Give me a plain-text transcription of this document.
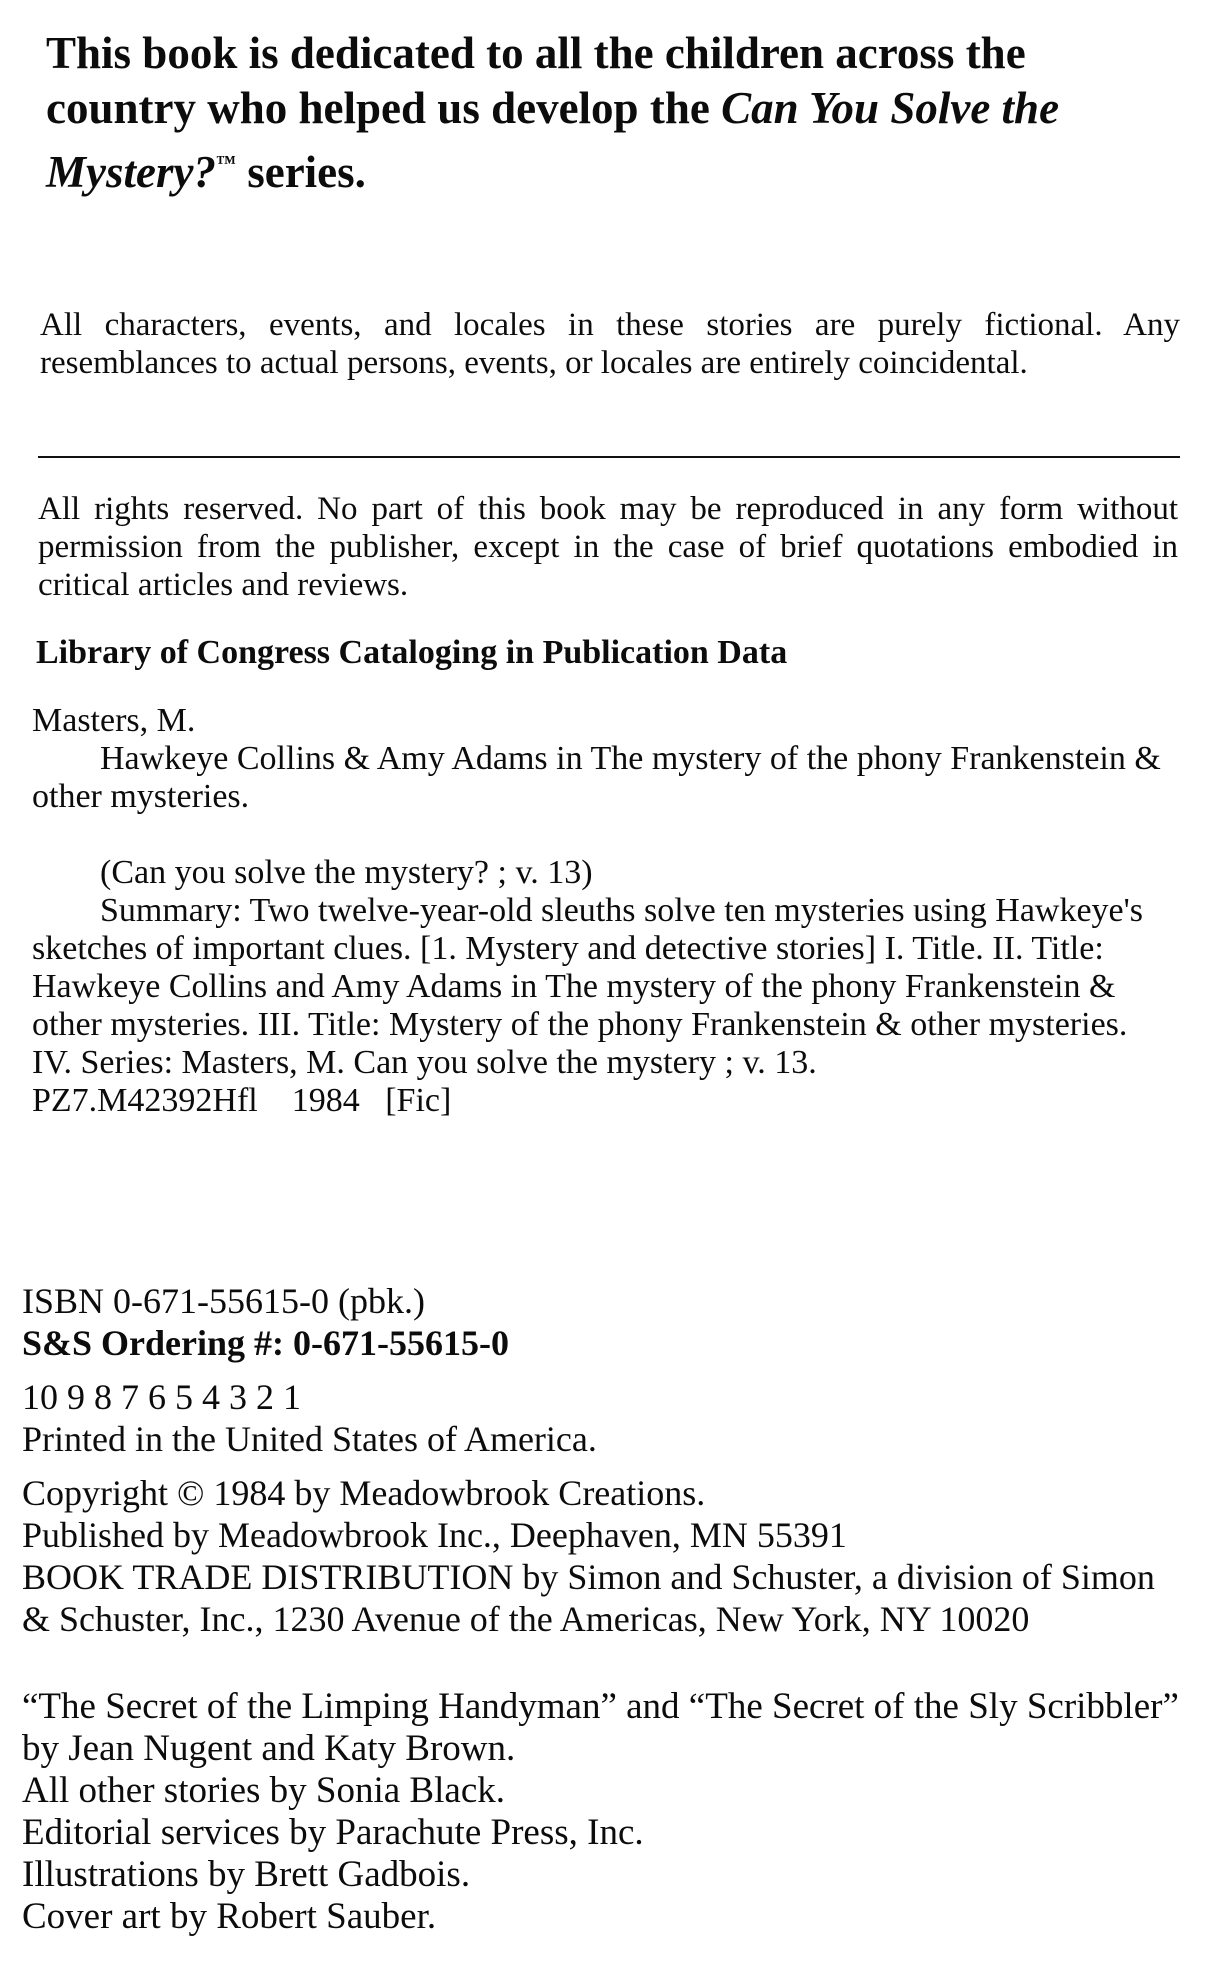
This book is dedicated to all the children across the country who helped us develop the Can You Solve the Mystery?™ series.
All characters, events, and locales in these stories are purely fictional. Any resemblances to actual persons, events, or locales are entirely coincidental.
All rights reserved. No part of this book may be reproduced in any form without permission from the publisher, except in the case of brief quotations embodied in critical articles and reviews.
Library of Congress Cataloging in Publication Data

Masters, M.

Hawkeye Collins & Amy Adams in The mystery of the phony Frankenstein & other mysteries.

(Can you solve the mystery? ; v. 13)

Summary: Two twelve-year-old sleuths solve ten mysteries using Hawkeye's sketches of important clues. [1. Mystery and detective stories] I. Title. II. Title: Hawkeye Collins and Amy Adams in The mystery of the phony Frankenstein & other mysteries. III. Title: Mystery of the phony Frankenstein & other mysteries. IV. Series: Masters, M. Can you solve the mystery ; v. 13.

PZ7.M42392Hfl 1984 [Fic]

ISBN 0-671-55615-0 (pbk.)

S&S Ordering #: 0-671-55615-0

10 9 8 7 6 5 4 3 2 1

Printed in the United States of America.

Copyright © 1984 by Meadowbrook Creations.

Published by Meadowbrook Inc., Deephaven, MN 55391

BOOK TRADE DISTRIBUTION by Simon and Schuster, a division of Simon & Schuster, Inc., 1230 Avenue of the Americas, New York, NY 10020

“The Secret of the Limping Handyman” and “The Secret of the Sly Scribbler” by Jean Nugent and Katy Brown.

All other stories by Sonia Black.

Editorial services by Parachute Press, Inc.

Illustrations by Brett Gadbois.

Cover art by Robert Sauber.
